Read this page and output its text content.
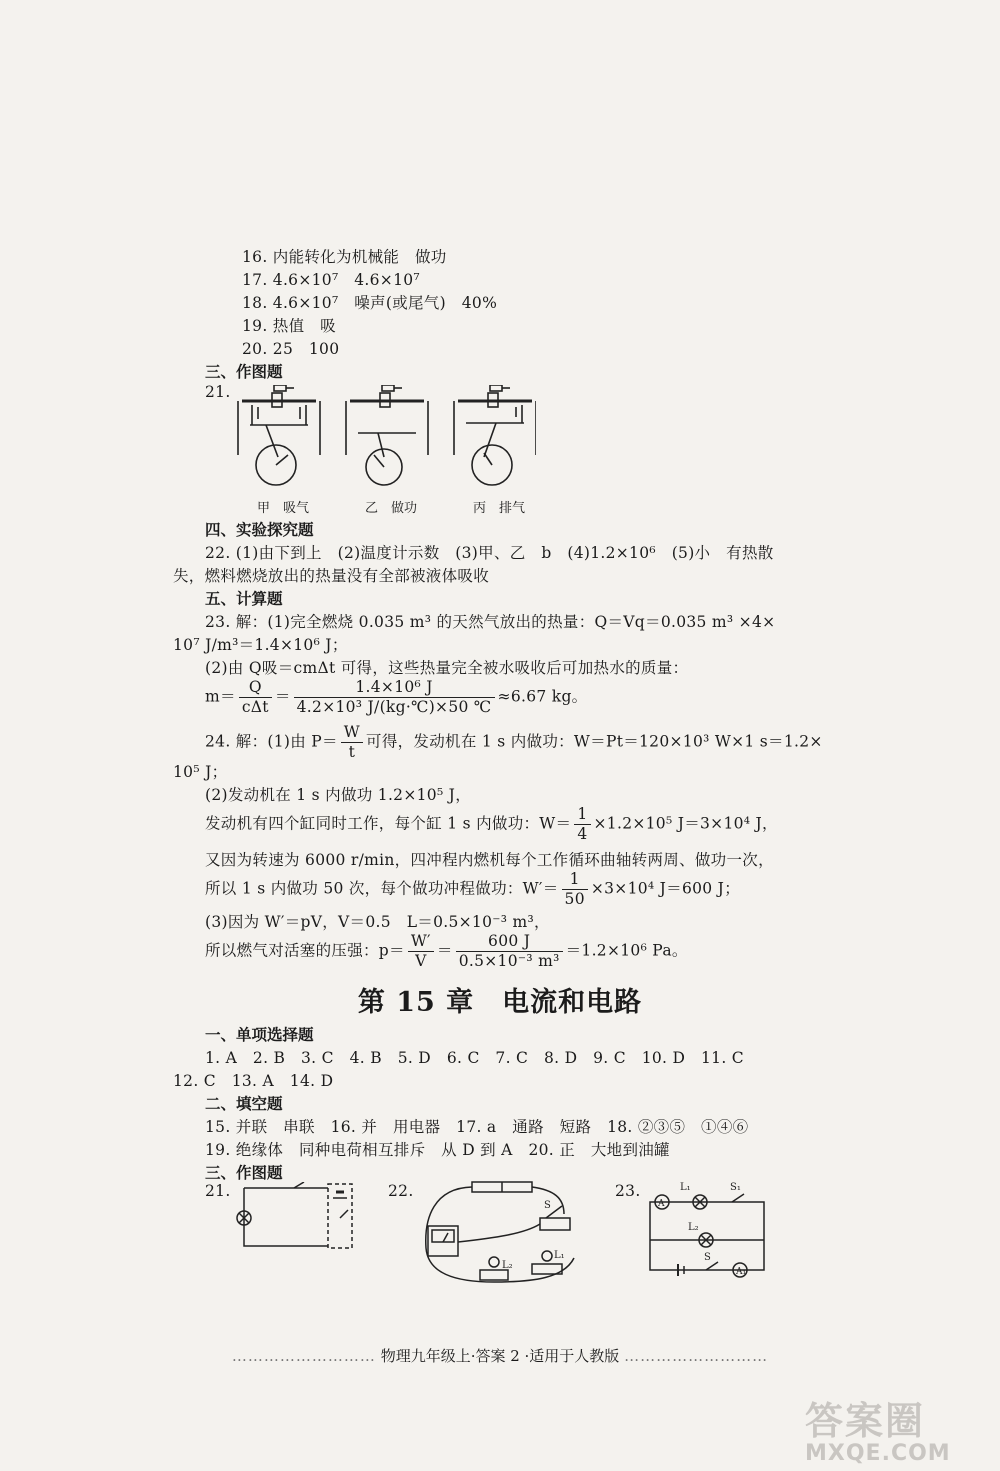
16. 内能转化为机械能　做功
17. 4.6×10⁷　4.6×10⁷
18. 4.6×10⁷　噪声(或尾气)　40%
19. 热值　吸
20. 25　100
三、作图题
21.
甲　吸气	乙　做功	丙　排气
四、实验探究题
22. (1)由下到上　(2)温度计示数　(3)甲、乙　b　(4)1.2×10⁶　(5)小　有热散
失，燃料燃烧放出的热量没有全部被液体吸收
五、计算题
23. 解：(1)完全燃烧 0.035 m³ 的天然气放出的热量：Q＝Vq＝0.035 m³ ×4×
10⁷ J/m³＝1.4×10⁶ J；
(2)由 Q吸＝cmΔt 可得，这些热量完全被水吸收后可加热水的质量：
$m= \frac{Q}{\text{cΔt}} = \frac{\text{1.4×10⁶ J}}{\text{4.2×10³ J/(kg·℃)×50 ℃}} \approx 6.67$ kg。
24. 解：(1)由 $P= \frac{W}{t}$ 可得，发动机在 1 s 内做功：W＝Pt＝120×10³ W×1 s＝1.2×
10⁵ J；
(2)发动机在 1 s 内做功 1.2×10⁵ J，
发动机有四个缸同时工作，每个缸 1 s 内做功：$W= \frac{1}{4} \times 1.2\times 10^5$ J＝3×10⁴ J，
又因为转速为 6000 r/min，四冲程内燃机每个工作循环曲轴转两周、做功一次，
所以 1 s 内做功 50 次，每个做功冲程做功：$W'= \frac{1}{50} \times 3\times 10^4$ J＝600 J；
(3)因为 W′＝pV，V＝0.5　L＝0.5×10⁻³ m³，
所以燃气对活塞的压强：$p= \frac{W'}{V} = \frac{600 J}{\text{0.5×10⁻³ m³}} =1.2\times 10^6$ Pa。
第 15 章　电流和电路
一、单项选择题
1. A　2. B　3. C　4. B　5. D　6. C　7. C　8. D　9. C　10. D　11. C
12. C　13. A　14. D
二、填空题
15. 并联　串联　16. 并　用电器　17. a　通路　短路　18. ②③⑤　①④⑥
19. 绝缘体　同种电荷相互排斥　从 D 到 A　20. 正　大地到油罐
三、作图题
21.	22.	23.
S
L₁
L₂
A
A₁
L₁
L₂
S₁
S
……………………… 物理九年级上·答案 2 ·适用于人教版 ………………………
答案圈
MXQE.COM
